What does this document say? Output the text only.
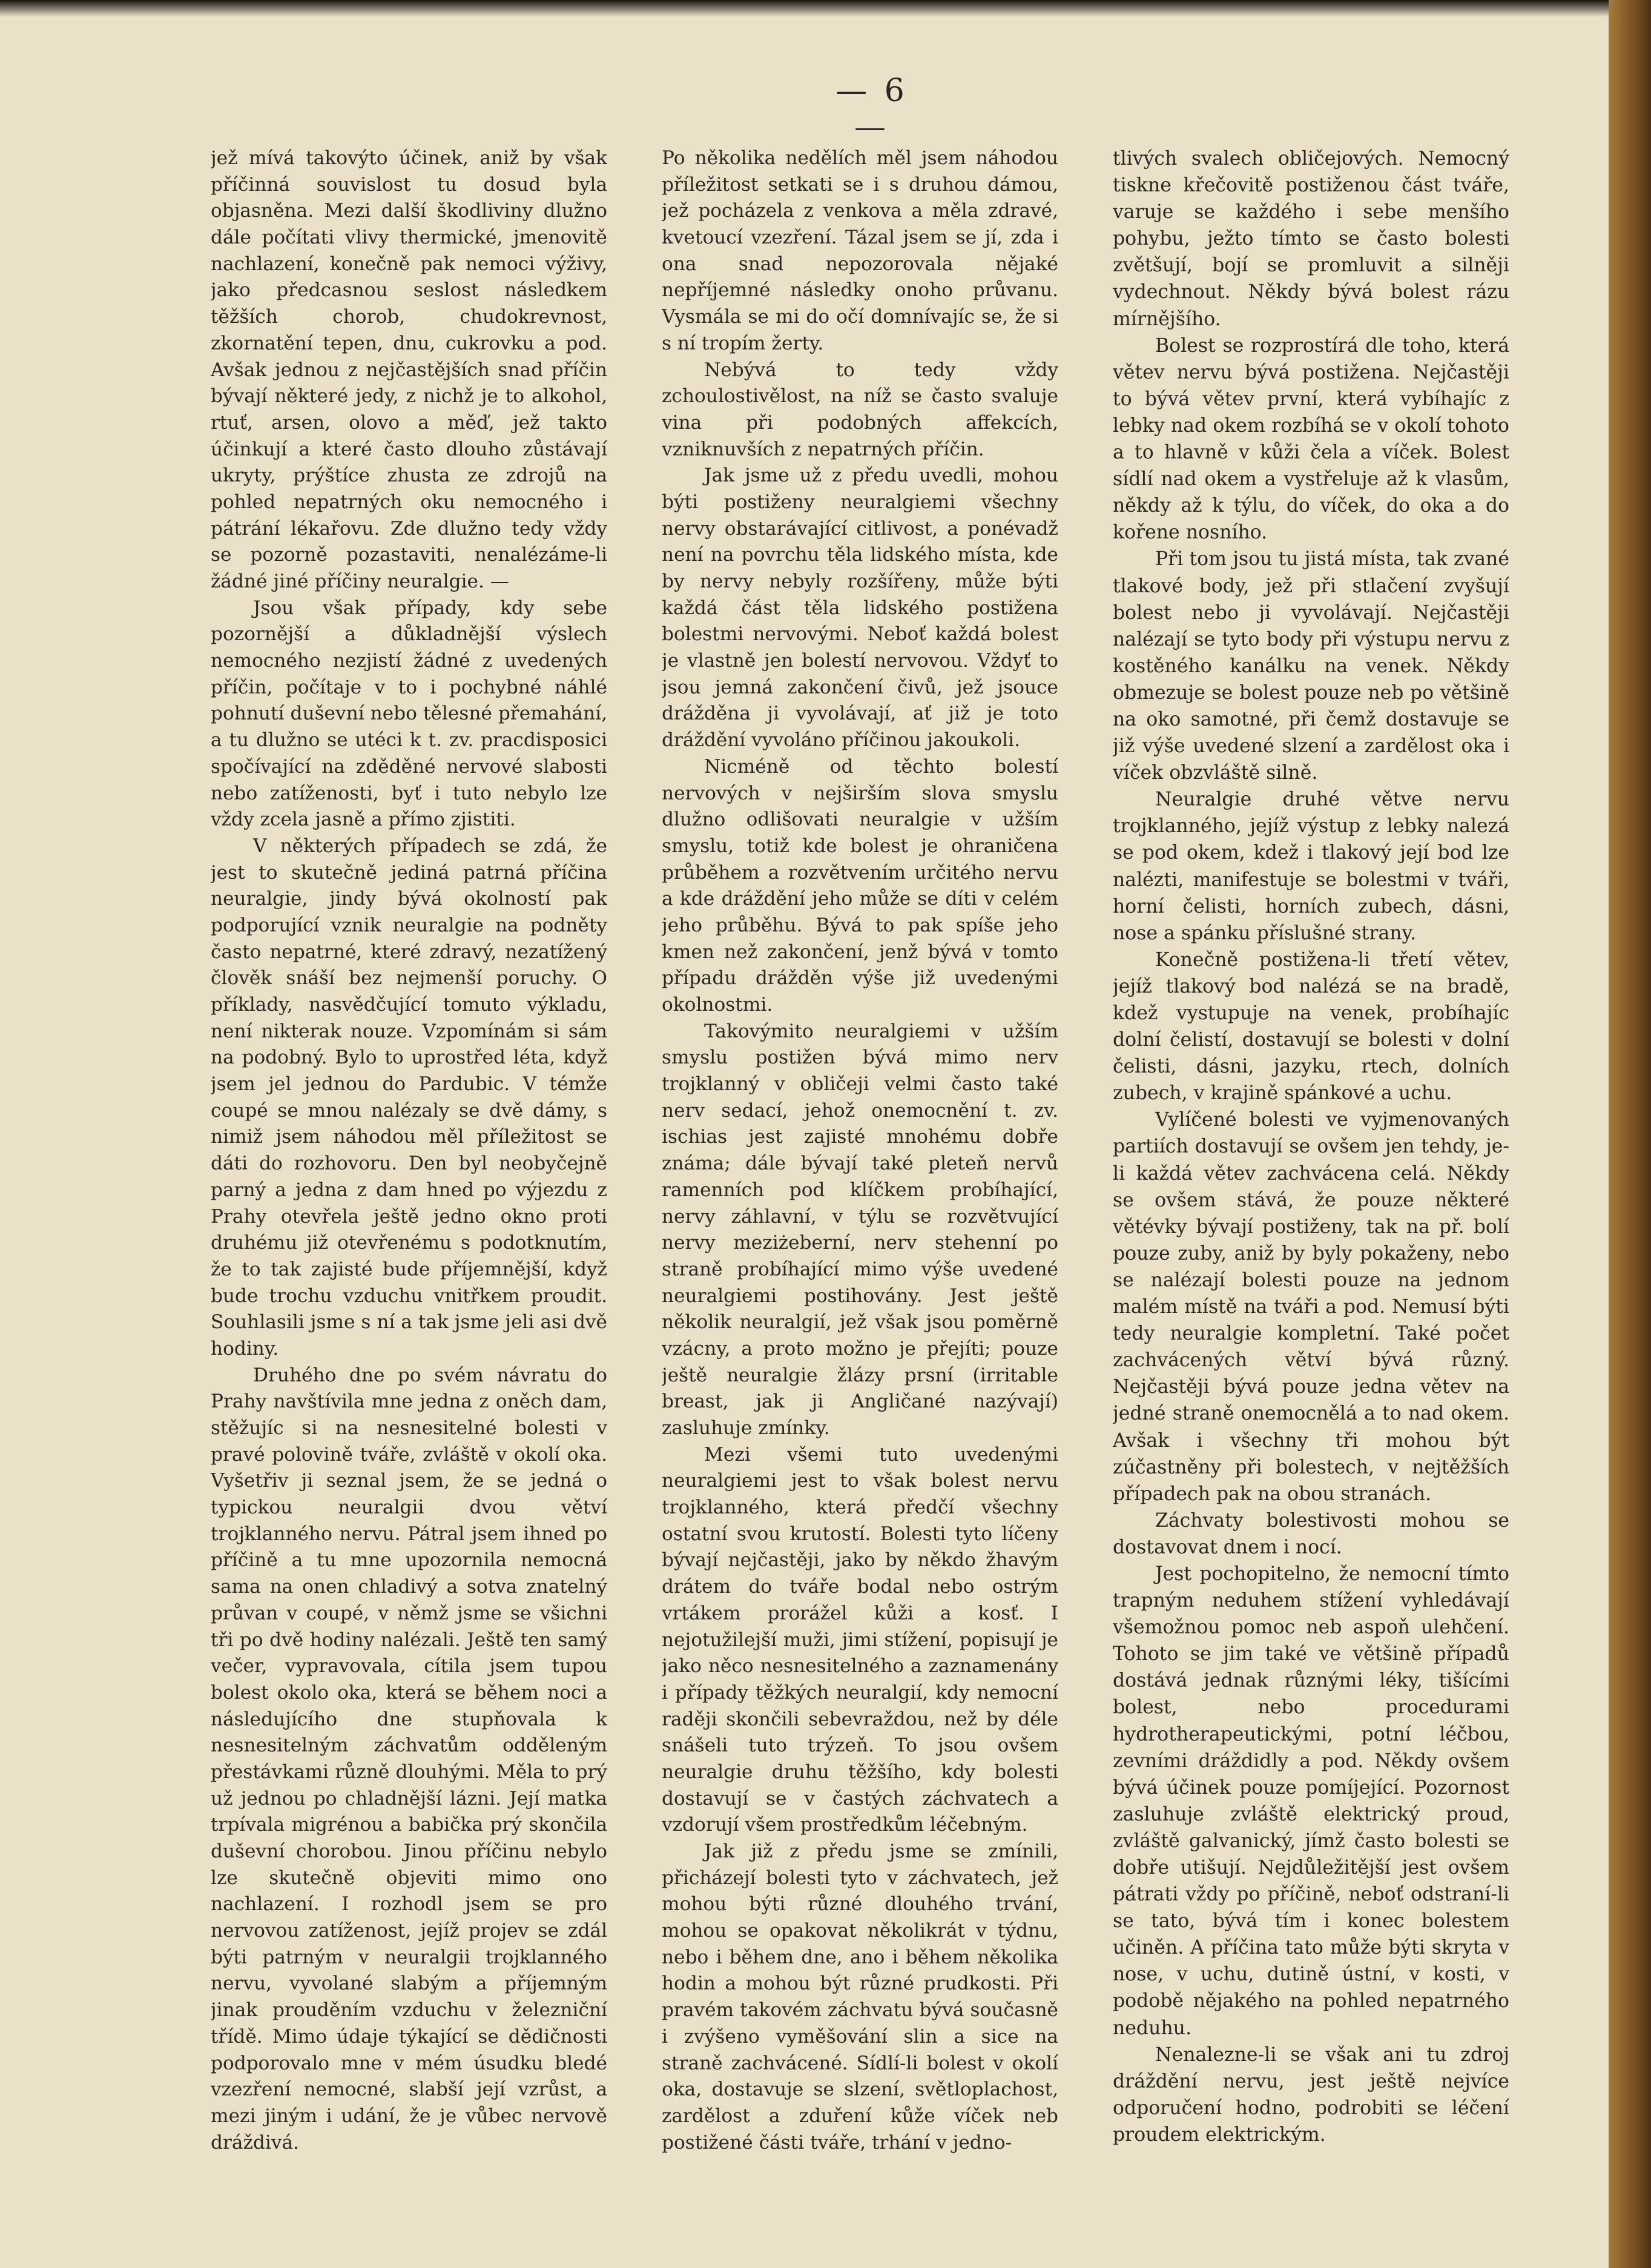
— 6 —

jež mívá takovýto účinek, aniž by však příčinná souvislost tu dosud byla objasněna. Mezi další škodliviny dlužno dále počítati vlivy thermické, jmenovitě nachlazení, konečně pak nemoci výživy, jako předcasnou seslost následkem těžších chorob, chudokrevnost, zkornatění tepen, dnu, cukrovku a pod. Avšak jednou z nejčastějších snad příčin bývají některé jedy, z nichž je to alkohol, rtuť, arsen, olovo a měď, jež takto účinkují a které často dlouho zůstávají ukryty, prýštíce zhusta ze zdrojů na pohled nepatrných oku nemocného i pátrání lékařovu. Zde dlužno tedy vždy se pozorně pozastaviti, nenalézáme-li žádné jiné příčiny neuralgie. —

Jsou však případy, kdy sebe pozornější a důkladnější výslech nemocného nezjistí žádné z uvedených příčin, počítaje v to i pochybné náhlé pohnutí duševní nebo tělesné přemahání, a tu dlužno se utéci k t. zv. pracdisposici spočívající na zděděné nervové slabosti nebo zatíženosti, byť i tuto nebylo lze vždy zcela jasně a přímo zjistiti.

V některých případech se zdá, že jest to skutečně jediná patrná příčina neuralgie, jindy bývá okolností pak podporující vznik neuralgie na podněty často nepatrné, které zdravý, nezatížený člověk snáší bez nejmenší poruchy. O příklady, nasvědčující tomuto výkladu, není nikterak nouze. Vzpomínám si sám na podobný. Bylo to uprostřed léta, když jsem jel jednou do Pardubic. V témže coupé se mnou nalézaly se dvě dámy, s nimiž jsem náhodou měl příležitost se dáti do rozhovoru. Den byl neobyčejně parný a jedna z dam hned po výjezdu z Prahy otevřela ještě jedno okno proti druhému již otevřenému s podotknutím, že to tak zajisté bude příjemnější, když bude trochu vzduchu vnitřkem proudit. Souhlasili jsme s ní a tak jsme jeli asi dvě hodiny.

Druhého dne po svém návratu do Prahy navštívila mne jedna z oněch dam, stěžujíc si na nesnesitelné bolesti v pravé polovině tváře, zvláště v okolí oka. Vyšetřiv ji seznal jsem, že se jedná o typickou neuralgii dvou větví trojklanného nervu. Pátral jsem ihned po příčině a tu mne upozornila nemocná sama na onen chladivý a sotva znatelný průvan v coupé, v němž jsme se všichni tři po dvě hodiny nalézali. Ještě ten samý večer, vypravovala, cítila jsem tupou bolest okolo oka, která se během noci a následujícího dne stupňovala k nesnesitelným záchvatům odděleným přestávkami různě dlouhými. Měla to prý už jednou po chladnější lázni. Její matka trpívala migrénou a babička prý skončila duševní chorobou. Jinou příčinu nebylo lze skutečně objeviti mimo ono nachlazení. I rozhodl jsem se pro nervovou zatíženost, jejíž projev se zdál býti patrným v neuralgii trojklanného nervu, vyvolané slabým a příjemným jinak prouděním vzduchu v železniční třídě. Mimo údaje týkající se dědičnosti podporovalo mne v mém úsudku bledé vzezření nemocné, slabší její vzrůst, a mezi jiným i udání, že je vůbec nervově dráždivá.

Po několika nedělích měl jsem náhodou příležitost setkati se i s druhou dámou, jež pocházela z venkova a měla zdravé, kvetoucí vzezření. Tázal jsem se jí, zda i ona snad nepozorovala nějaké nepříjemné následky onoho průvanu. Vysmála se mi do očí domnívajíc se, že si s ní tropím žerty.

Nebývá to tedy vždy zchoulostivělost, na níž se často svaluje vina při podobných affekcích, vzniknuvších z nepatrných příčin.

Jak jsme už z předu uvedli, mohou býti postiženy neuralgiemi všechny nervy obstarávající citlivost, a ponévadž není na povrchu těla lidského místa, kde by nervy nebyly rozšířeny, může býti každá část těla lidského postižena bolestmi nervovými. Neboť každá bolest je vlastně jen bolestí nervovou. Vždyť to jsou jemná zakončení čivů, jež jsouce drážděna ji vyvolávají, ať již je toto dráždění vyvoláno příčinou jakoukoli.

Nicméně od těchto bolestí nervových v nejširším slova smyslu dlužno odlišovati neuralgie v užším smyslu, totiž kde bolest je ohraničena průběhem a rozvětvením určitého nervu a kde dráždění jeho může se díti v celém jeho průběhu. Bývá to pak spíše jeho kmen než zakončení, jenž bývá v tomto případu drážděn výše již uvedenými okolnostmi.

Takovýmito neuralgiemi v užším smyslu postižen bývá mimo nerv trojklanný v obličeji velmi často také nerv sedací, jehož onemocnění t. zv. ischias jest zajisté mnohému dobře známa; dále bývají také pleteň nervů ramenních pod klíčkem probíhající, nervy záhlavní, v týlu se rozvětvující nervy meziżeberní, nerv stehenní po straně probíhající mimo výše uvedené neuralgiemi postihovány. Jest ještě několik neuralgií, jež však jsou poměrně vzácny, a proto možno je přejíti; pouze ještě neuralgie žlázy prsní (irritable breast, jak ji Angličané nazývají) zasluhuje zmínky.

Mezi všemi tuto uvedenými neuralgiemi jest to však bolest nervu trojklanného, která předčí všechny ostatní svou krutostí. Bolesti tyto líčeny bývají nejčastěji, jako by někdo žhavým drátem do tváře bodal nebo ostrým vrtákem prorážel kůži a kosť. I nejotužilejší muži, jimi stížení, popisují je jako něco nesnesitelného a zaznamenány i případy těžkých neuralgií, kdy nemocní raději skončili sebevraždou, než by déle snášeli tuto trýzeň. To jsou ovšem neuralgie druhu těžšího, kdy bolesti dostavují se v častých záchvatech a vzdorují všem prostředkům léčebným.

Jak již z předu jsme se zmínili, přicházejí bolesti tyto v záchvatech, jež mohou býti různé dlouhého trvání, mohou se opakovat několikrát v týdnu, nebo i během dne, ano i během několika hodin a mohou být různé prudkosti. Při pravém takovém záchvatu bývá současně i zvýšeno vyměšování slin a sice na straně zachvácené. Sídlí-li bolest v okolí oka, dostavuje se slzení, světloplachost, zardělost a zduření kůže víček neb postižené části tváře, trhání v jedno-

tlivých svalech obličejových. Nemocný tiskne křečovitě postiženou část tváře, varuje se každého i sebe menšího pohybu, ježto tímto se často bolesti zvětšují, bojí se promluvit a silněji vydechnout. Někdy bývá bolest rázu mírnějšího.

Bolest se rozprostírá dle toho, která větev nervu bývá postižena. Nejčastěji to bývá větev první, která vybíhajíc z lebky nad okem rozbíhá se v okolí tohoto a to hlavně v kůži čela a víček. Bolest sídlí nad okem a vystřeluje až k vlasům, někdy až k týlu, do víček, do oka a do kořene nosního.

Při tom jsou tu jistá místa, tak zvané tlakové body, jež při stlačení zvyšují bolest nebo ji vyvolávají. Nejčastěji nalézají se tyto body při výstupu nervu z kostěného kanálku na venek. Někdy obmezuje se bolest pouze neb po většině na oko samotné, při čemž dostavuje se již výše uvedené slzení a zardělost oka i víček obzvláště silně.

Neuralgie druhé větve nervu trojklanného, jejíž výstup z lebky nalezá se pod okem, kdež i tlakový její bod lze nalézti, manifestuje se bolestmi v tváři, horní čelisti, horních zubech, dásni, nose a spánku příslušné strany.

Konečně postižena-li třetí větev, jejíž tlakový bod nalézá se na bradě, kdež vystupuje na venek, probíhajíc dolní čelistí, dostavují se bolesti v dolní čelisti, dásni, jazyku, rtech, dolních zubech, v krajině spánkové a uchu.

Vylíčené bolesti ve vyjmenovaných partiích dostavují se ovšem jen tehdy, je-li každá větev zachvácena celá. Někdy se ovšem stává, že pouze některé větévky bývají postiženy, tak na př. bolí pouze zuby, aniž by byly pokaženy, nebo se nalézají bolesti pouze na jednom malém místě na tváři a pod. Nemusí býti tedy neuralgie kompletní. Také počet zachvácených větví bývá různý. Nejčastěji bývá pouze jedna větev na jedné straně onemocnělá a to nad okem. Avšak i všechny tři mohou být zúčastněny při bolestech, v nejtěžších případech pak na obou stranách.

Záchvaty bolestivosti mohou se dostavovat dnem i nocí.

Jest pochopitelno, že nemocní tímto trapným neduhem stížení vyhledávají všemožnou pomoc neb aspoň ulehčení. Tohoto se jim také ve většině případů dostává jednak různými léky, tišícími bolest, nebo procedurami hydrotherapeutickými, potní léčbou, zevními dráždidly a pod. Někdy ovšem bývá účinek pouze pomíjející. Pozornost zasluhuje zvláště elektrický proud, zvláště galvanický, jímž často bolesti se dobře utišují. Nejdůležitější jest ovšem pátrati vždy po příčině, neboť odstraní-li se tato, bývá tím i konec bolestem učiněn. A příčina tato může býti skryta v nose, v uchu, dutině ústní, v kosti, v podobě nějakého na pohled nepatrného neduhu.

Nenalezne-li se však ani tu zdroj dráždění nervu, jest ještě nejvíce odporučení hodno, podrobiti se léčení proudem elektrickým.
